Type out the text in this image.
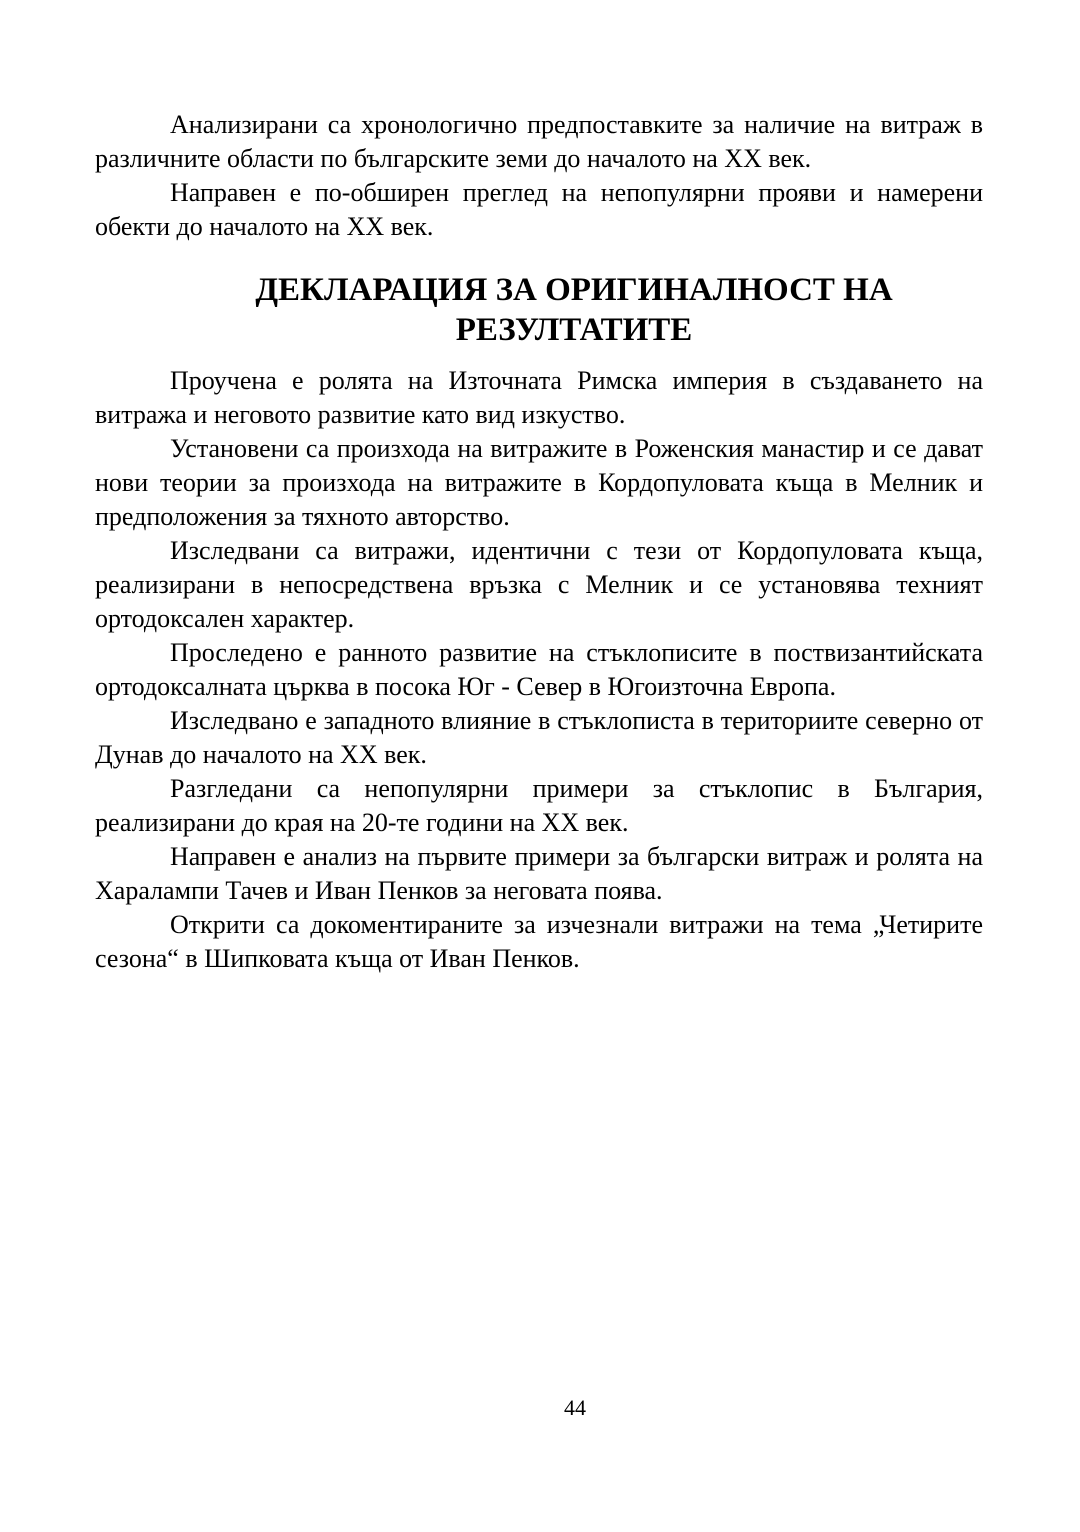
Анализирани са хронологично предпоставките за наличие на витраж в различните области по българските земи до началото на XX век.

Направен е по-обширен преглед на непопулярни прояви и намерени обекти до началото на XX век.

ДЕКЛАРАЦИЯ ЗА ОРИГИНАЛНОСТ НА
РЕЗУЛТАТИТЕ

Проучена е ролята на Източната Римска империя в създаването на витража и неговото развитие като вид изкуство.

Установени са произхода на витражите в Роженския манастир и се дават нови теории за произхода на витражите в Кордопуловата къща в Мелник и предположения за тяхното авторство.

Изследвани са витражи, идентични с тези от Кордопуловата къща, реализирани в непосредствена връзка с Мелник и се установява техният ортодоксален характер.

Проследено е ранното развитие на стъклописите в поствизантийската ортодоксалната църква в посока Юг - Север в Югоизточна Европа.

Изследвано е западното влияние в стъклописта в териториите северно от Дунав до началото на XX век.

Разгледани са непопулярни примери за стъклопис в България, реализирани до края на 20-те години на XX век.

Направен е анализ на първите примери за български витраж и ролята на Харалампи Тачев и Иван Пенков за неговата поява.

Открити са докоментираните за изчезнали витражи на тема „Четирите сезона“ в Шипковата къща от Иван Пенков.

44
